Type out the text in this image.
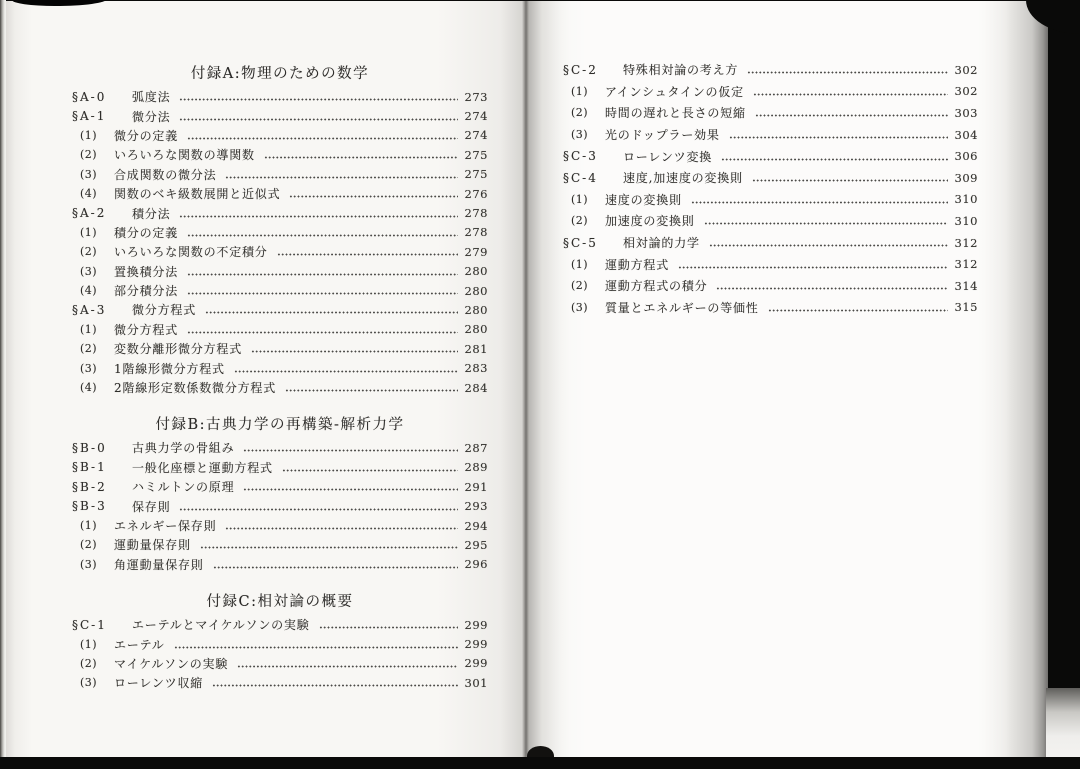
付録A:物理のための数学
§A-0	弧度法	273
§A-1	微分法	274
(1)	微分の定義	274
(2)	いろいろな関数の導関数	275
(3)	合成関数の微分法	275
(4)	関数のベキ級数展開と近似式	276
§A-2	積分法	278
(1)	積分の定義	278
(2)	いろいろな関数の不定積分	279
(3)	置換積分法	280
(4)	部分積分法	280
§A-3	微分方程式	280
(1)	微分方程式	280
(2)	変数分離形微分方程式	281
(3)	1階線形微分方程式	283
(4)	2階線形定数係数微分方程式	284
付録B:古典力学の再構築-解析力学
§B-0	古典力学の骨組み	287
§B-1	一般化座標と運動方程式	289
§B-2	ハミルトンの原理	291
§B-3	保存則	293
(1)	エネルギー保存則	294
(2)	運動量保存則	295
(3)	角運動量保存則	296
付録C:相対論の概要
§C-1	エーテルとマイケルソンの実験	299
(1)	エーテル	299
(2)	マイケルソンの実験	299
(3)	ローレンツ収縮	301
§C-2	特殊相対論の考え方	302
(1)	アインシュタインの仮定	302
(2)	時間の遅れと長さの短縮	303
(3)	光のドップラー効果	304
§C-3	ローレンツ変換	306
§C-4	速度,加速度の変換則	309
(1)	速度の変換則	310
(2)	加速度の変換則	310
§C-5	相対論的力学	312
(1)	運動方程式	312
(2)	運動方程式の積分	314
(3)	質量とエネルギーの等価性	315
